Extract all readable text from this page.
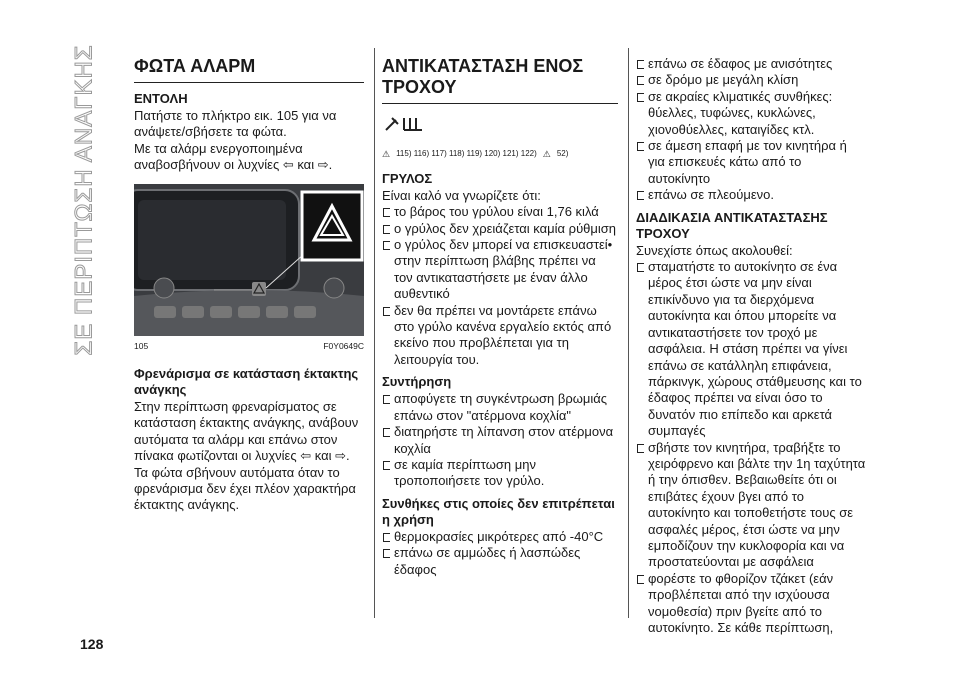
ΣΕ ΠΕΡΙΠΤΩΣΗ ΑΝΑΓΚΗΣ ΦΩΤΑ ΑΛΑΡΜ
ΕΝΤΟΛΗ

Πατήστε το πλήκτρο εικ. 105 για να ανάψετε/σβήσετε τα φώτα.

Με τα αλάρμ ενεργοποιημένα αναβοσβήνουν οι λυχνίες ⇦ και ⇨.

105	F0Y0649C
Φρενάρισμα σε κατάσταση έκτακτης ανάγκης

Στην περίπτωση φρεναρίσματος σε κατάσταση έκτακτης ανάγκης, ανάβουν αυτόματα τα αλάρμ και επάνω στον πίνακα φωτίζονται οι λυχνίες ⇦ και ⇨.

Τα φώτα σβήνουν αυτόματα όταν το φρενάρισμα δεν έχει πλέον χαρακτήρα έκτακτης ανάγκης.

ΑΝΤΙΚΑΤΑΣΤΑΣΗ ΕΝΟΣ ΤΡΟΧΟΥ
⚠ 115) 116) 117) 118) 119) 120) 121) 122) ⚠ 52)
ΓΡΥΛΟΣ

Είναι καλό να γνωρίζετε ότι:

το βάρος του γρύλου είναι 1,76 κιλά

ο γρύλος δεν χρειάζεται καμία ρύθμιση

ο γρύλος δεν μπορεί να επισκευαστεί• στην περίπτωση βλάβης πρέπει να τον αντικαταστήσετε με έναν άλλο αυθεντικό

δεν θα πρέπει να μοντάρετε επάνω στο γρύλο κανένα εργαλείο εκτός από εκείνο που προβλέπεται για τη λειτουργία του.

Συντήρηση

αποφύγετε τη συγκέντρωση βρωμιάς επάνω στον "ατέρμονα κοχλία"

διατηρήστε τη λίπανση στον ατέρμονα κοχλία

σε καμία περίπτωση μην τροποποιήσετε τον γρύλο.

Συνθήκες στις οποίες δεν επιτρέπεται η χρήση

θερμοκρασίες μικρότερες από -40°C

επάνω σε αμμώδες ή λασπώδες έδαφος

επάνω σε έδαφος με ανισότητες

σε δρόμο με μεγάλη κλίση

σε ακραίες κλιματικές συνθήκες: θύελλες, τυφώνες, κυκλώνες, χιονοθύελλες, καταιγίδες κτλ.

σε άμεση επαφή με τον κινητήρα ή για επισκευές κάτω από το αυτοκίνητο

επάνω σε πλεούμενο.

ΔΙΑΔΙΚΑΣΙΑ ΑΝΤΙΚΑΤΑΣΤΑΣΗΣ ΤΡΟΧΟΥ

Συνεχίστε όπως ακολουθεί:

σταματήστε το αυτοκίνητο σε ένα μέρος έτσι ώστε να μην είναι επικίνδυνο για τα διερχόμενα αυτοκίνητα και όπου μπορείτε να αντικαταστήσετε τον τροχό με ασφάλεια. Η στάση πρέπει να γίνει επάνω σε κατάλληλη επιφάνεια, πάρκινγκ, χώρους στάθμευσης και το έδαφος πρέπει να είναι όσο το δυνατόν πιο επίπεδο και αρκετά συμπαγές

σβήστε τον κινητήρα, τραβήξτε το χειρόφρενο και βάλτε την 1η ταχύτητα ή την όπισθεν. Βεβαιωθείτε ότι οι επιβάτες έχουν βγει από το αυτοκίνητο και τοποθετήστε τους σε ασφαλές μέρος, έτσι ώστε να μην εμποδίζουν την κυκλοφορία και να προστατεύονται με ασφάλεια

φορέστε το φθορίζον τζάκετ (εάν προβλέπεται από την ισχύουσα νομοθεσία) πριν βγείτε από το αυτοκίνητο. Σε κάθε περίπτωση,

128
